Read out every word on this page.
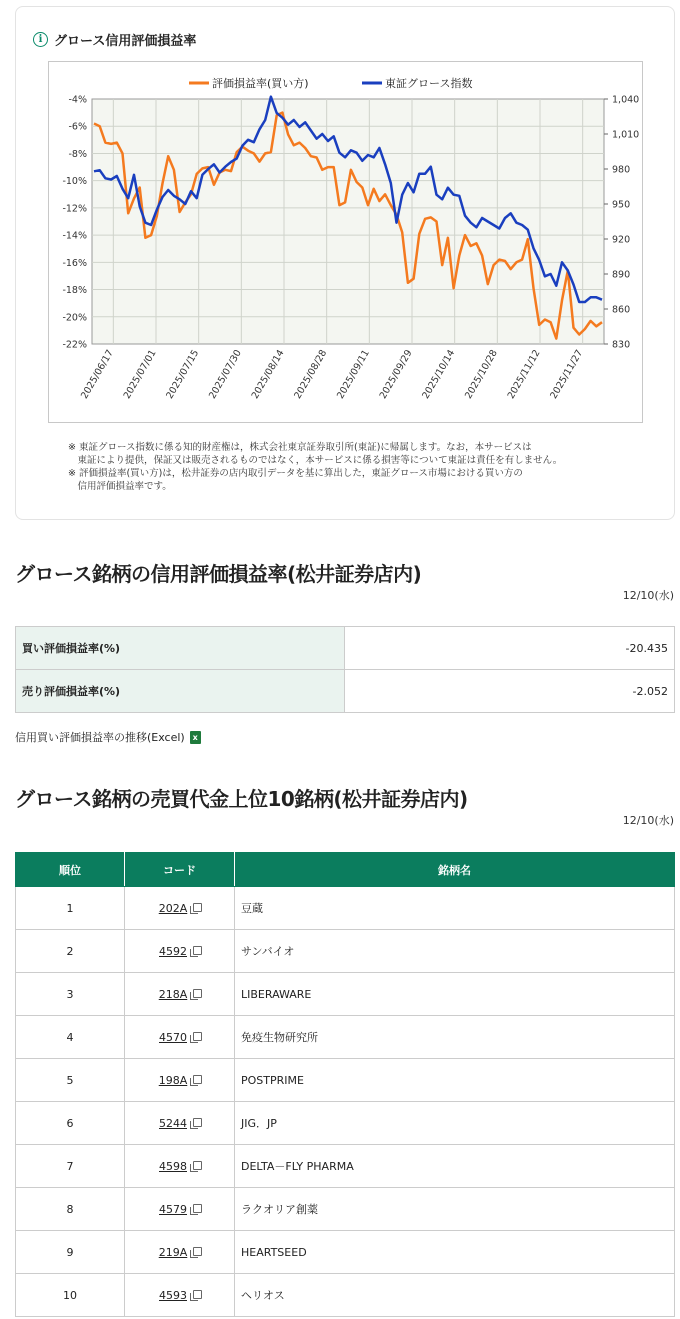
i グロース信用評価損益率
-4%
-6%
-8%
-10%
-12%
-14%
-16%
-18%
-20%
-22%
1,040
1,010
980
950
920
890
860
830
2025/06/17 2025/07/01 2025/07/15 2025/07/30 2025/08/14 2025/08/28 2025/09/11 2025/09/29 2025/10/14 2025/10/28 2025/11/12 2025/11/27
評価損益率(買い方)	東証グロース指数
※ 東証グロース指数に係る知的財産権は，株式会社東京証券取引所(東証)に帰属します。なお，本サービスは
　東証により提供，保証又は販売されるものではなく，本サービスに係る損害等について東証は責任を有しません。
※ 評価損益率(買い方)は，松井証券の店内取引データを基に算出した，東証グロース市場における買い方の
　信用評価損益率です。
グロース銘柄の信用評価損益率(松井証券店内)
12/10(水)
買い評価損益率(%)	-20.435
売り評価損益率(%)	-2.052
信用買い評価損益率の推移(Excel) x
グロース銘柄の売買代金上位10銘柄(松井証券店内)
12/10(水)
順位	コード	銘柄名
1	202A	豆蔵
2	4592	サンバイオ
3	218A	LIBERAWARE
4	4570	免疫生物研究所
5	198A	POSTPRIME
6	5244	JIG．JP
7	4598	DELTA－FLY PHARMA
8	4579	ラクオリア創薬
9	219A	HEARTSEED
10	4593	ヘリオス
